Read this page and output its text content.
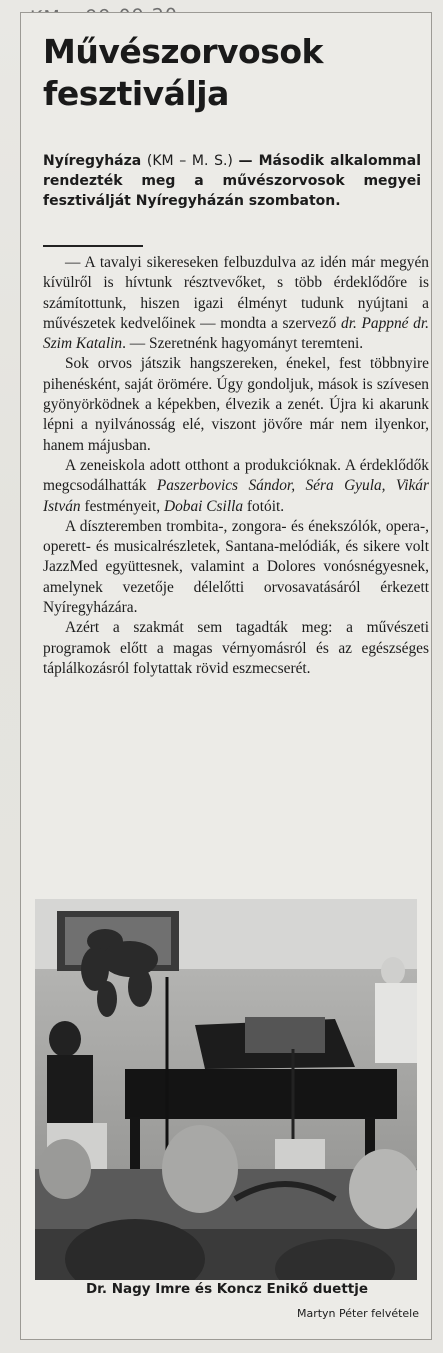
Művészorvosok fesztiválja
Nyíregyháza (KM – M. S.) — Második alkalommal rendezték meg a művészorvosok megyei fesztiválját Nyíregyházán szombaton.

— A tavalyi sikereseken felbuzdulva az idén már megyén kívülről is hívtunk résztvevőket, s több érdeklődőre is számítottunk, hiszen igazi élményt tudunk nyújtani a művészetek kedvelőinek — mondta a szervező dr. Pappné dr. Szim Katalin. — Szeretnénk hagyományt teremteni.

Sok orvos játszik hangszereken, énekel, fest többnyire pihenésként, saját örömére. Úgy gondoljuk, mások is szívesen gyönyörködnek a képekben, élvezik a zenét. Újra ki akarunk lépni a nyilvánosság elé, viszont jövőre már nem ilyenkor, hanem májusban.

A zeneiskola adott otthont a produkcióknak. A érdeklődők megcsodálhatták Paszerbovics Sándor, Séra Gyula, Vikár István festményeit, Dobai Csilla fotóit.

A díszteremben trombita-, zongora- és énekszólók, opera-, operett- és musicalrészletek, Santana-melódiák, és sikere volt JazzMed együttesnek, valamint a Dolores vonósnégyesnek, amelynek vezetője délelőtti orvosavatásáról érkezett Nyíregyházára.

Azért a szakmát sem tagadták meg: a művészeti programok előtt a magas vérnyomásról és az egészséges táplálkozásról folytattak rövid eszmecserét.

Dr. Nagy Imre és Koncz Enikő duettje
Martyn Péter felvétele
